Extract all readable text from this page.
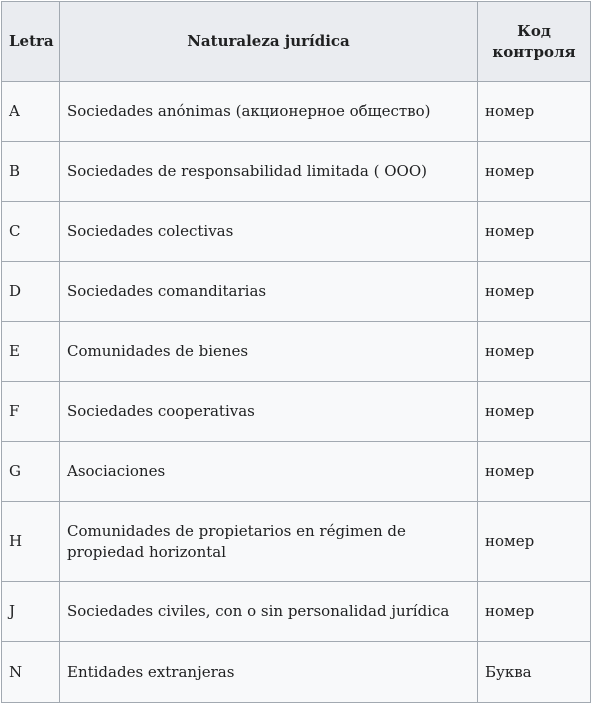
Letra	Naturaleza jurídica	Код контроля
A	Sociedades anónimas (акционерное общество)	номер
B	Sociedades de responsabilidad limitada ( OOO)	номер
C	Sociedades colectivas	номер
D	Sociedades comanditarias	номер
E	Comunidades de bienes	номер
F	Sociedades cooperativas	номер
G	Asociaciones	номер
H	Comunidades de propietarios en régimen de propiedad horizontal	номер
J	Sociedades civiles, con o sin personalidad jurídica	номер
N	Entidades extranjeras	Буква
